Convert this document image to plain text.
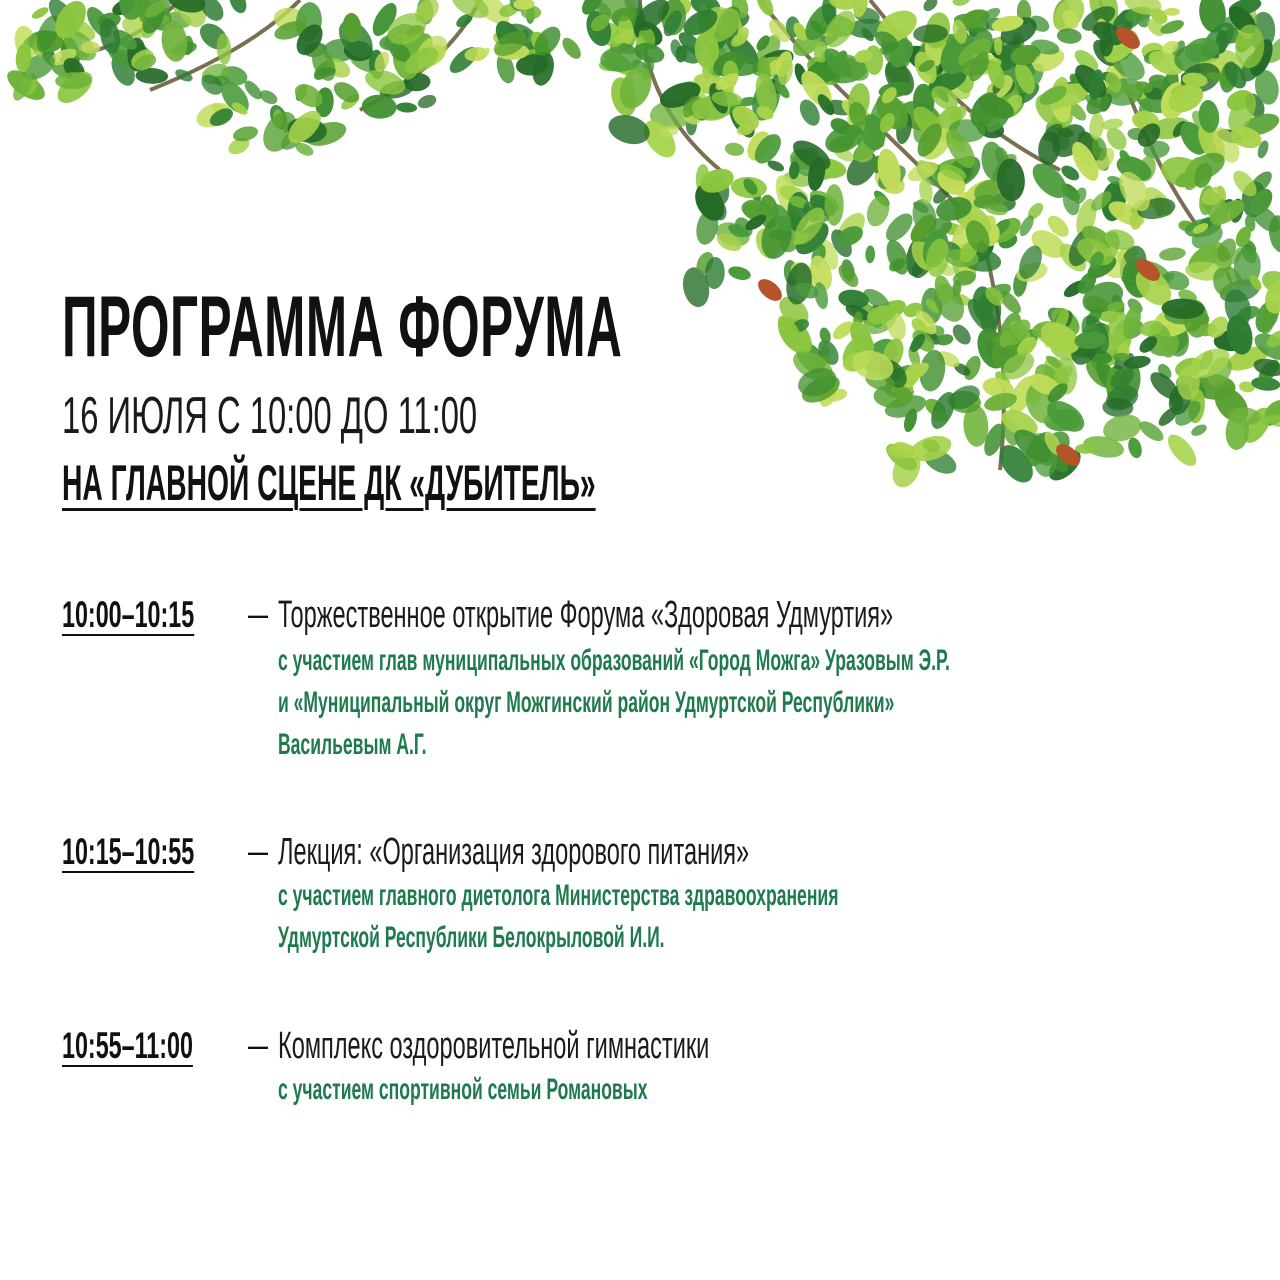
ПРОГРАММА ФОРУМА
16 ИЮЛЯ С 10:00 ДО 11:00
НА ГЛАВНОЙ СЦЕНЕ ДК «ДУБИТЕЛЬ»
10:00–10:15 – Торжественное открытие Форума «Здоровая Удмуртия»
с участием глав муниципальных образований «Город Можга» Уразовым Э.Р.
и «Муниципальный округ Можгинский район Удмуртской Республики»
Васильевым А.Г.
10:15–10:55 – Лекция: «Организация здорового питания»
с участием главного диетолога Министерства здравоохранения
Удмуртской Республики Белокрыловой И.И.
10:55–11:00 – Комплекс оздоровительной гимнастики
с участием спортивной семьи Романовых
